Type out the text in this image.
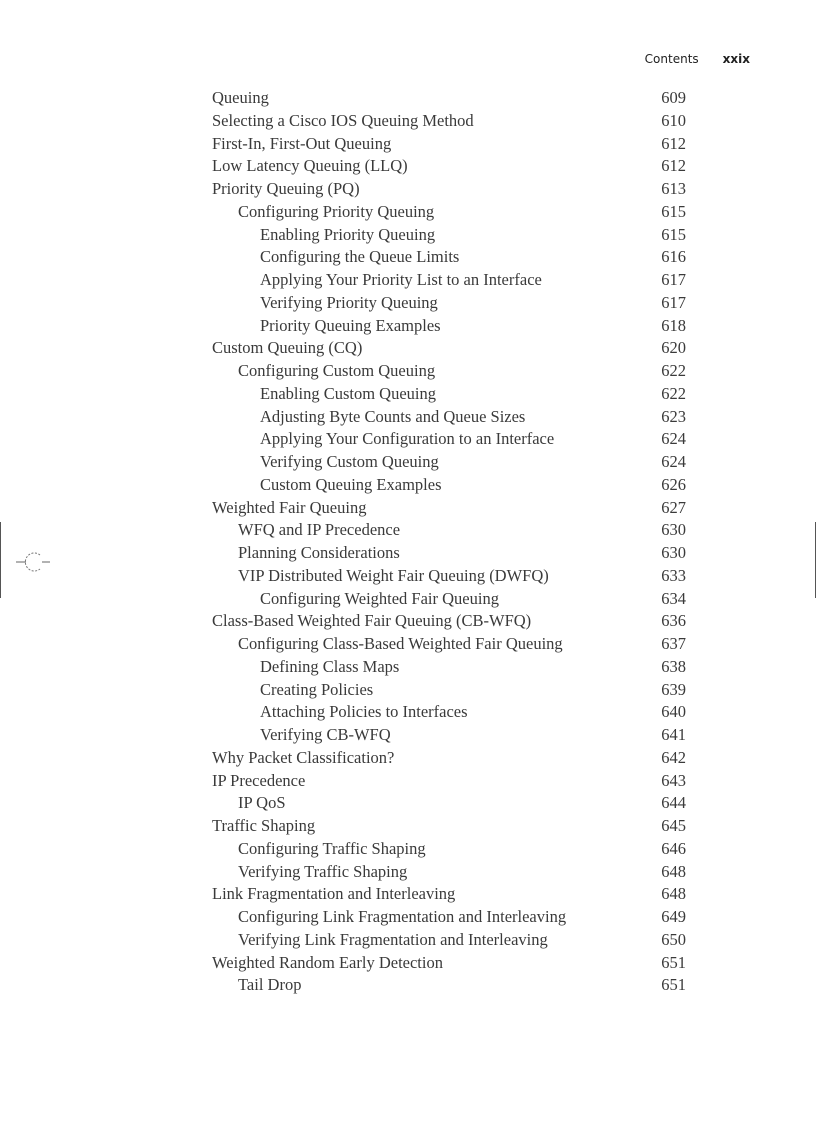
Contents xxix
Queuing	609
Selecting a Cisco IOS Queuing Method	610
First-In, First-Out Queuing	612
Low Latency Queuing (LLQ)	612
Priority Queuing (PQ)	613
Configuring Priority Queuing	615
Enabling Priority Queuing	615
Configuring the Queue Limits	616
Applying Your Priority List to an Interface	617
Verifying Priority Queuing	617
Priority Queuing Examples	618
Custom Queuing (CQ)	620
Configuring Custom Queuing	622
Enabling Custom Queuing	622
Adjusting Byte Counts and Queue Sizes	623
Applying Your Configuration to an Interface	624
Verifying Custom Queuing	624
Custom Queuing Examples	626
Weighted Fair Queuing	627
WFQ and IP Precedence	630
Planning Considerations	630
VIP Distributed Weight Fair Queuing (DWFQ)	633
Configuring Weighted Fair Queuing	634
Class-Based Weighted Fair Queuing (CB-WFQ)	636
Configuring Class-Based Weighted Fair Queuing	637
Defining Class Maps	638
Creating Policies	639
Attaching Policies to Interfaces	640
Verifying CB-WFQ	641
Why Packet Classification?	642
IP Precedence	643
IP QoS	644
Traffic Shaping	645
Configuring Traffic Shaping	646
Verifying Traffic Shaping	648
Link Fragmentation and Interleaving	648
Configuring Link Fragmentation and Interleaving	649
Verifying Link Fragmentation and Interleaving	650
Weighted Random Early Detection	651
Tail Drop	651
